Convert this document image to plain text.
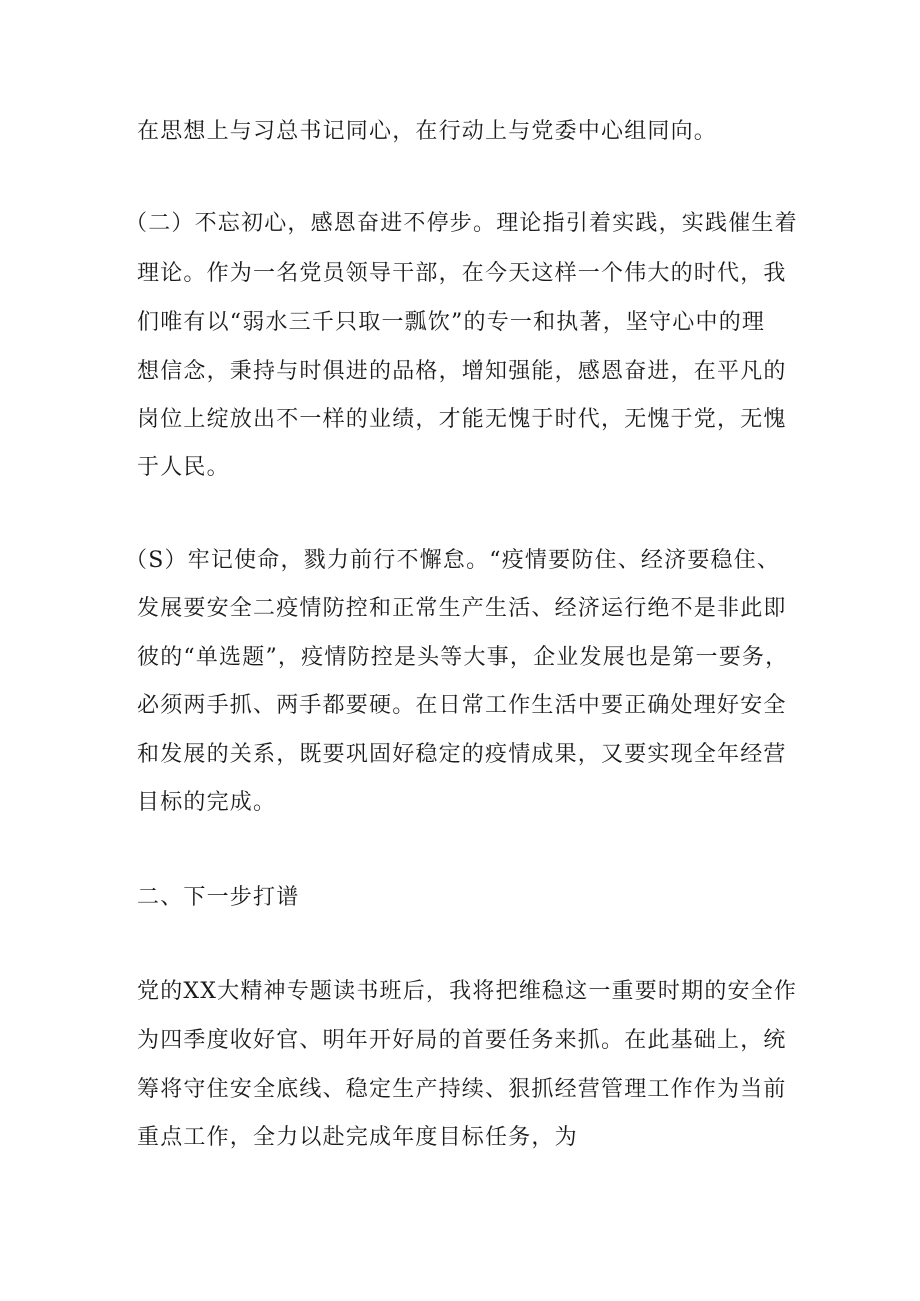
在思想上与习总书记同心，在行动上与党委中心组同向。
（二）不忘初心，感恩奋进不停步。理论指引着实践，实践催生着
理论。作为一名党员领导干部，在今天这样一个伟大的时代，我
们唯有以“弱水三千只取一瓢饮”的专一和执著，坚守心中的理
想信念，秉持与时俱进的品格，增知强能，感恩奋进，在平凡的
岗位上绽放出不一样的业绩，才能无愧于时代，无愧于党，无愧
于人民。
（S）牢记使命，戮力前行不懈怠。“疫情要防住、经济要稳住、
发展要安全二疫情防控和正常生产生活、经济运行绝不是非此即
彼的“单选题”，疫情防控是头等大事，企业发展也是第一要务，
必须两手抓、两手都要硬。在日常工作生活中要正确处理好安全
和发展的关系，既要巩固好稳定的疫情成果，又要实现全年经营
目标的完成。
二、下一步打谱
党的XX大精神专题读书班后，我将把维稳这一重要时期的安全作
为四季度收好官、明年开好局的首要任务来抓。在此基础上，统
筹将守住安全底线、稳定生产持续、狠抓经营管理工作作为当前
重点工作，全力以赴完成年度目标任务，为
